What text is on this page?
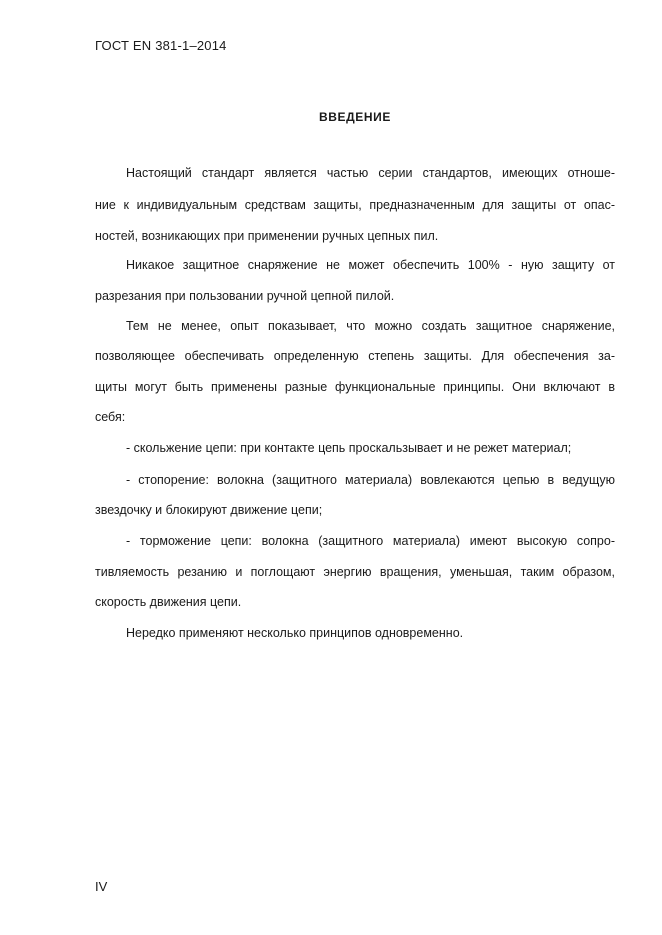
ГОСТ EN 381-1–2014
ВВЕДЕНИЕ
Настоящий стандарт является частью серии стандартов, имеющих отноше-
ние к индивидуальным средствам защиты, предназначенным для защиты от опас-
ностей, возникающих при применении ручных цепных пил.
Никакое защитное снаряжение не может обеспечить 100% - ную защиту от
разрезания при пользовании ручной цепной пилой.
Тем не менее, опыт показывает, что можно создать защитное снаряжение,
позволяющее обеспечивать определенную степень защиты. Для обеспечения за-
щиты могут быть применены разные функциональные принципы. Они включают в
себя:
- скольжение цепи: при контакте цепь проскальзывает и не режет материал;
- стопорение: волокна (защитного материала) вовлекаются цепью в ведущую
звездочку и блокируют движение цепи;
- торможение цепи: волокна (защитного материала) имеют высокую сопро-
тивляемость резанию и поглощают энергию вращения, уменьшая, таким образом,
скорость движения цепи.
Нередко применяют несколько принципов одновременно.
IV
